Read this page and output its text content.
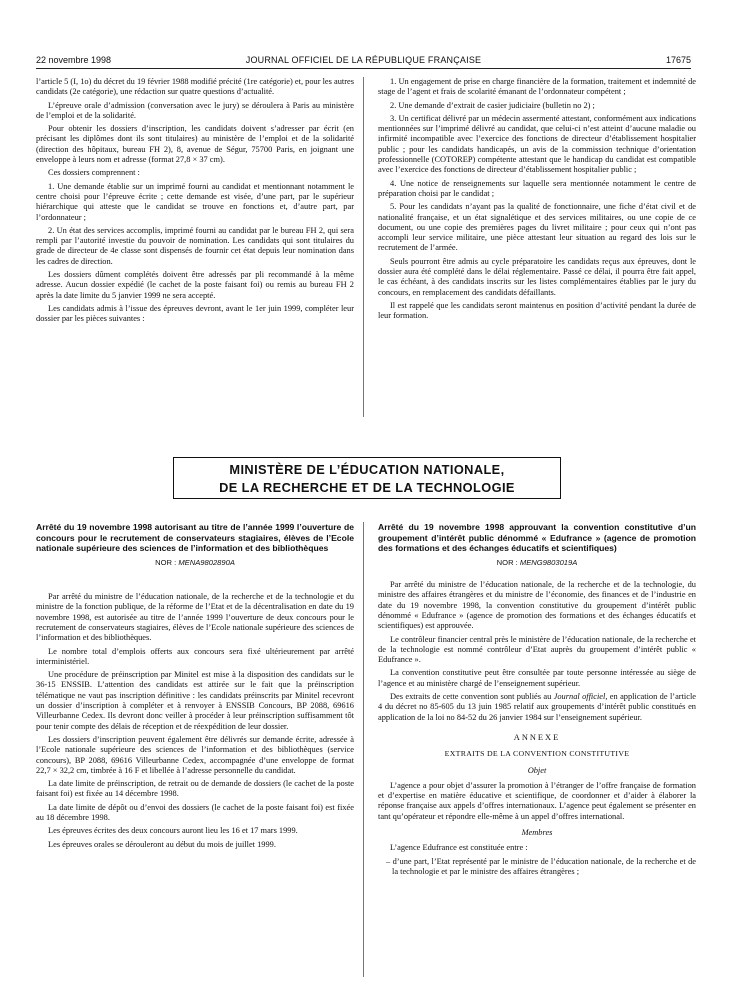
22 novembre 1998	JOURNAL OFFICIEL DE LA RÉPUBLIQUE FRANÇAISE	17675

l’article 5 (I, 1o) du décret du 19 février 1988 modifié précité (1re catégorie) et, pour les autres candidats (2e catégorie), une rédaction sur quatre questions d’actualité.

L’épreuve orale d’admission (conversation avec le jury) se déroulera à Paris au ministère de l’emploi et de la solidarité.

Pour obtenir les dossiers d’inscription, les candidats doivent s’adresser par écrit (en précisant les diplômes dont ils sont titulaires) au ministère de l’emploi et de la solidarité (direction des hôpitaux, bureau FH 2), 8, avenue de Ségur, 75700 Paris, en joignant une enveloppe à leurs nom et adresse (format 27,8 × 37 cm).

Ces dossiers comprennent :

1. Une demande établie sur un imprimé fourni au candidat et mentionnant notamment le centre choisi pour l’épreuve écrite ; cette demande est visée, d’une part, par le supérieur hiérarchique qui atteste que le candidat se trouve en fonctions et, d’autre part, par l’ordonnateur ;

2. Un état des services accomplis, imprimé fourni au candidat par le bureau FH 2, qui sera rempli par l’autorité investie du pouvoir de nomination. Les candidats qui sont titulaires du grade de directeur de 4e classe sont dispensés de fournir cet état depuis leur nomination dans les cadres de direction.

Les dossiers dûment complétés doivent être adressés par pli recommandé à la même adresse. Aucun dossier expédié (le cachet de la poste faisant foi) ou remis au bureau FH 2 après la date limite du 5 janvier 1999 ne sera accepté.

Les candidats admis à l’issue des épreuves devront, avant le 1er juin 1999, compléter leur dossier par les pièces suivantes :

1. Un engagement de prise en charge financière de la formation, traitement et indemnité de stage de l’agent et frais de scolarité émanant de l’ordonnateur compétent ;

2. Une demande d’extrait de casier judiciaire (bulletin no 2) ;

3. Un certificat délivré par un médecin assermenté attestant, conformément aux indications mentionnées sur l’imprimé délivré au candidat, que celui-ci n’est atteint d’aucune maladie ou infirmité incompatible avec l’exercice des fonctions de directeur d’établissement hospitalier public ; pour les candidats handicapés, un avis de la commission technique d’orientation professionnelle (COTOREP) compétente attestant que le handicap du candidat est compatible avec l’exercice des fonctions de directeur d’établissement hospitalier public ;

4. Une notice de renseignements sur laquelle sera mentionnée notamment le centre de préparation choisi par le candidat ;

5. Pour les candidats n’ayant pas la qualité de fonctionnaire, une fiche d’état civil et de nationalité française, et un état signalétique et des services militaires, ou une copie de ce document, ou une copie des premières pages du livret militaire ; pour ceux qui n’ont pas accompli leur service militaire, une pièce attestant leur situation au regard des lois sur le recrutement de l’armée.

Seuls pourront être admis au cycle préparatoire les candidats reçus aux épreuves, dont le dossier aura été complété dans le délai réglementaire. Passé ce délai, il pourra être fait appel, le cas échéant, à des candidats inscrits sur les listes complémentaires établies par le jury du concours, en remplacement des candidats défaillants.

Il est rappelé que les candidats seront maintenus en position d’activité pendant la durée de leur formation.

MINISTÈRE DE L’ÉDUCATION NATIONALE,
DE LA RECHERCHE ET DE LA TECHNOLOGIE
Arrêté du 19 novembre 1998 autorisant au titre de l’année 1999 l’ouverture de concours pour le recrutement de conservateurs stagiaires, élèves de l’Ecole nationale supérieure des sciences de l’information et des bibliothèques
NOR : MENA9802890A

Par arrêté du ministre de l’éducation nationale, de la recherche et de la technologie et du ministre de la fonction publique, de la réforme de l’Etat et de la décentralisation en date du 19 novembre 1998, est autorisée au titre de l’année 1999 l’ouverture de deux concours pour le recrutement de conservateurs stagiaires, élèves de l’Ecole nationale supérieure des sciences de l’information et des bibliothèques.

Le nombre total d’emplois offerts aux concours sera fixé ultérieurement par arrêté interministériel.

Une procédure de préinscription par Minitel est mise à la disposition des candidats sur le 36-15 ENSSIB. L’attention des candidats est attirée sur le fait que la préinscription télématique ne vaut pas inscription définitive : les candidats préinscrits par Minitel recevront un dossier d’inscription à compléter et à renvoyer à ENSSIB Concours, BP 2088, 69616 Villeurbanne Cedex. Ils devront donc veiller à procéder à leur préinscription suffisamment tôt pour tenir compte des délais de réception et de réexpédition de leur dossier.

Les dossiers d’inscription peuvent également être délivrés sur demande écrite, adressée à l’Ecole nationale supérieure des sciences de l’information et des bibliothèques (service concours), BP 2088, 69616 Villeurbanne Cedex, accompagnée d’une enveloppe de format 22,7 × 32,2 cm, timbrée à 16 F et libellée à l’adresse personnelle du candidat.

La date limite de préinscription, de retrait ou de demande de dossiers (le cachet de la poste faisant foi) est fixée au 14 décembre 1998.

La date limite de dépôt ou d’envoi des dossiers (le cachet de la poste faisant foi) est fixée au 18 décembre 1998.

Les épreuves écrites des deux concours auront lieu les 16 et 17 mars 1999.

Les épreuves orales se dérouleront au début du mois de juillet 1999.

Arrêté du 19 novembre 1998 approuvant la convention constitutive d’un groupement d’intérêt public dénommé « Edufrance » (agence de promotion des formations et des échanges éducatifs et scientifiques)
NOR : MENG9803019A

Par arrêté du ministre de l’éducation nationale, de la recherche et de la technologie, du ministre des affaires étrangères et du ministre de l’économie, des finances et de l’industrie en date du 19 novembre 1998, la convention constitutive du groupement d’intérêt public dénommé « Edufrance » (agence de promotion des formations et des échanges éducatifs et scientifiques) est approuvée.

Le contrôleur financier central près le ministère de l’éducation nationale, de la recherche et de la technologie est nommé contrôleur d’Etat auprès du groupement d’intérêt public « Edufrance ».

La convention constitutive peut être consultée par toute personne intéressée au siège de l’agence et au ministère chargé de l’enseignement supérieur.

Des extraits de cette convention sont publiés au Journal officiel, en application de l’article 4 du décret no 85-605 du 13 juin 1985 relatif aux groupements d’intérêt public constitués en application de la loi no 84-52 du 26 janvier 1984 sur l’enseignement supérieur.

ANNEXE
EXTRAITS DE LA CONVENTION CONSTITUTIVE
Objet

L’agence a pour objet d’assurer la promotion à l’étranger de l’offre française de formation et d’expertise en matière éducative et scientifique, de coordonner et d’aider à élaborer la réponse française aux appels d’offres internationaux. L’agence peut également se présenter en tant qu’opérateur et répondre elle-même à un appel d’offres international.

Membres

L’agence Edufrance est constituée entre :

– d’une part, l’Etat représenté par le ministre de l’éducation nationale, de la recherche et de la technologie et par le ministre des affaires étrangères ;
